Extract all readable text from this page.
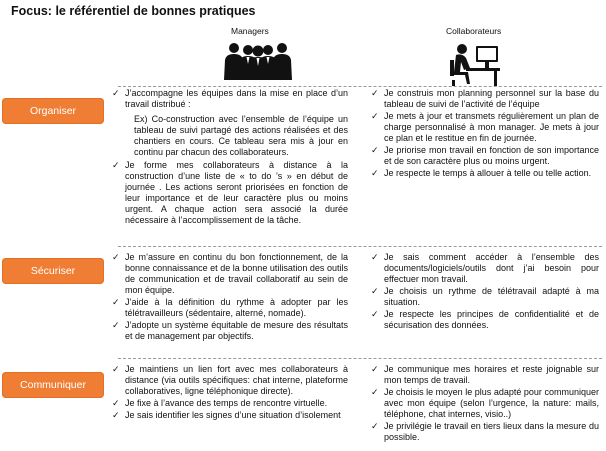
Focus: le référentiel de bonnes pratiques
Managers	Collaborateurs
Organiser
✓ J’accompagne les équipes dans la mise en place d’un travail distribué :
Ex) Co-construction avec l’ensemble de l’équipe un tableau de suivi partagé des actions réalisées et des chantiers en cours. Ce tableau sera mis à jour en continu par chacun des collaborateurs.
✓ Je forme mes collaborateurs à distance à la construction d’une liste de « to do ’s » en début de journée . Les actions seront priorisées en fonction de leur importance et de leur caractère plus ou moins urgent. A chaque action sera associé la durée nécessaire à l’accomplissement de la tâche.
✓ Je construis mon planning personnel sur la base du tableau de suivi de l’activité de l’équipe
✓ Je mets à jour et transmets régulièrement un plan de charge personnalisé à mon manager. Je mets à jour ce plan et le restitue en fin de journée.
✓ Je priorise mon travail en fonction de son importance et de son caractère plus ou moins urgent.
✓ Je respecte le temps à allouer à telle ou telle action.
Sécuriser
✓ Je m’assure en continu du bon fonctionnement, de la bonne connaissance et de la bonne utilisation des outils de communication et de travail collaboratif au sein de mon équipe.
✓ J’aide à la définition du rythme à adopter par les télétravailleurs (sédentaire, alterné, nomade).
✓ J’adopte un système équitable de mesure des résultats et de management par objectifs.
✓ Je sais comment accéder à l’ensemble des documents/logiciels/outils dont j’ai besoin pour effectuer mon travail.
✓ Je choisis un rythme de télétravail adapté à ma situation.
✓ Je respecte les principes de confidentialité et de sécurisation des données.
Communiquer
✓ Je maintiens un lien fort avec mes collaborateurs à distance (via outils spécifiques: chat interne, plateforme collaboratives, ligne téléphonique directe).
✓ Je fixe à l’avance des temps de rencontre virtuelle.
✓ Je sais identifier les signes d’une situation d’isolement
✓ Je communique mes horaires et reste joignable sur mon temps de travail.
✓ Je choisis le moyen le plus adapté pour communiquer avec mon équipe (selon l’urgence, la nature: mails, téléphone, chat internes, visio..)
✓ Je privilégie le travail en tiers lieux dans la mesure du possible.
